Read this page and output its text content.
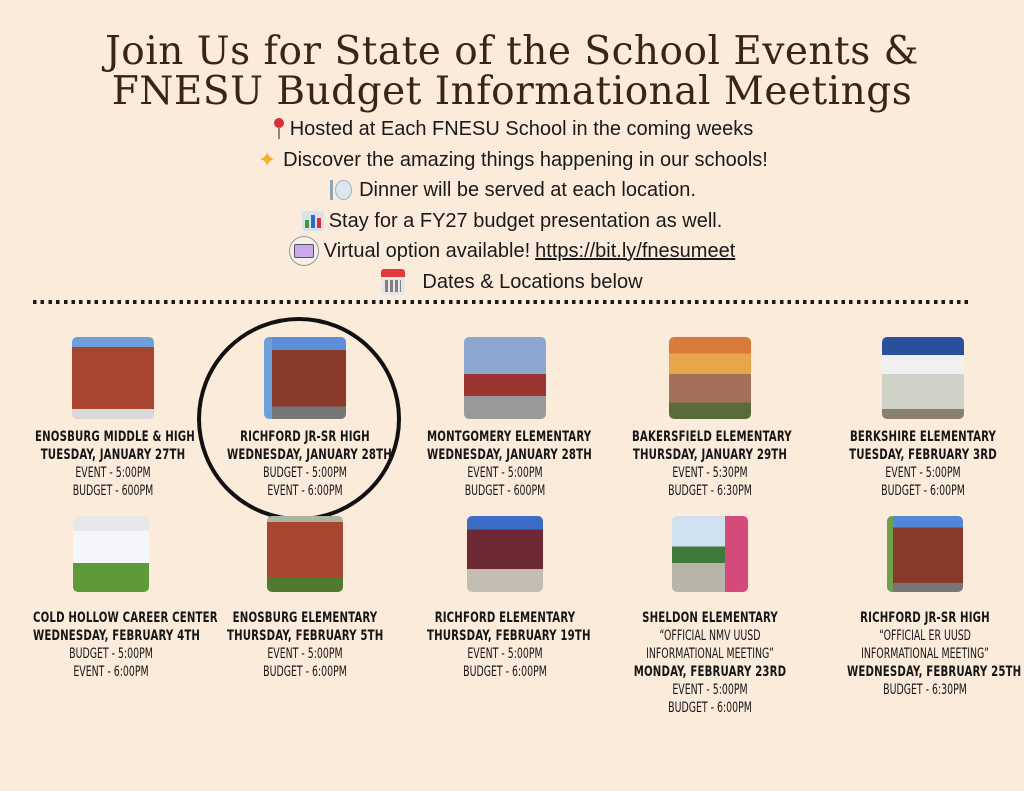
Join Us for State of the School Events &
FNESU Budget Informational Meetings
Hosted at Each FNESU School in the coming weeks
✦ Discover the amazing things happening in our schools!
Dinner will be served at each location.
Stay for a FY27 budget presentation as well.
Virtual option available! https://bit.ly/fnesumeet
Dates & Locations below
ENOSBURG MIDDLE & HIGH
TUESDAY, JANUARY 27TH
EVENT - 5:00PM
BUDGET - 600PM
RICHFORD JR-SR HIGH
WEDNESDAY, JANUARY 28TH
BUDGET - 5:00PM
EVENT - 6:00PM
MONTGOMERY ELEMENTARY
WEDNESDAY, JANUARY 28TH
EVENT - 5:00PM
BUDGET - 600PM
BAKERSFIELD ELEMENTARY
THURSDAY, JANUARY 29TH
EVENT - 5:30PM
BUDGET - 6:30PM
BERKSHIRE ELEMENTARY
TUESDAY, FEBRUARY 3RD
EVENT - 5:00PM
BUDGET - 6:00PM
COLD HOLLOW CAREER CENTER
WEDNESDAY, FEBRUARY 4TH
BUDGET - 5:00PM
EVENT - 6:00PM
ENOSBURG ELEMENTARY
THURSDAY, FEBRUARY 5TH
EVENT - 5:00PM
BUDGET - 6:00PM
RICHFORD ELEMENTARY
THURSDAY, FEBRUARY 19TH
EVENT - 5:00PM
BUDGET - 6:00PM
SHELDON ELEMENTARY
“OFFICIAL NMV UUSD
INFORMATIONAL MEETING”
MONDAY, FEBRUARY 23RD
EVENT - 5:00PM
BUDGET - 6:00PM
RICHFORD JR-SR HIGH
“OFFICIAL ER UUSD
INFORMATIONAL MEETING”
WEDNESDAY, FEBRUARY 25TH
BUDGET - 6:30PM
